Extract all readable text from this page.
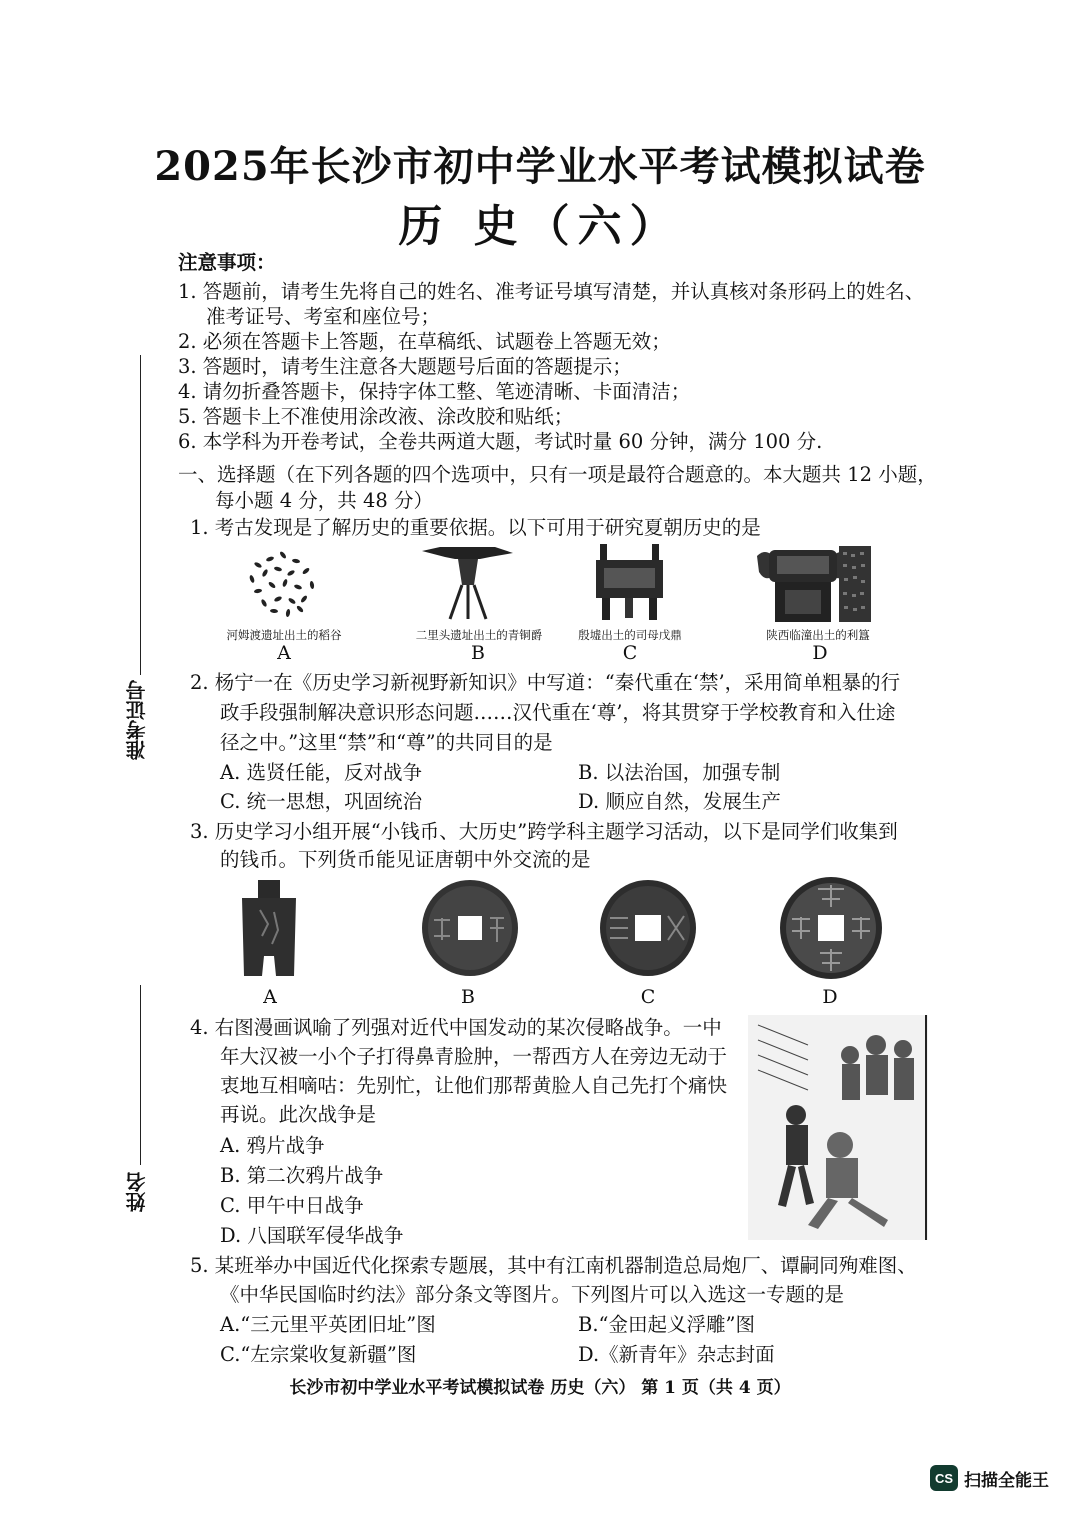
2025年长沙市初中学业水平考试模拟试卷
历 史（六）
准考证号
姓名
注意事项：
1. 答题前，请考生先将自己的姓名、准考证号填写清楚，并认真核对条形码上的姓名、
准考证号、考室和座位号；
2. 必须在答题卡上答题，在草稿纸、试题卷上答题无效；
3. 答题时，请考生注意各大题题号后面的答题提示；
4. 请勿折叠答题卡，保持字体工整、笔迹清晰、卡面清洁；
5. 答题卡上不准使用涂改液、涂改胶和贴纸；
6. 本学科为开卷考试，全卷共两道大题，考试时量 60 分钟，满分 100 分.
一、选择题（在下列各题的四个选项中，只有一项是最符合题意的。本大题共 12 小题，
每小题 4 分，共 48 分）
1. 考古发现是了解历史的重要依据。以下可用于研究夏朝历史的是
河姆渡遗址出土的稻谷	二里头遗址出土的青铜爵	殷墟出土的司母戊鼎	陕西临潼出土的利簋
A	B	C	D
2. 杨宁一在《历史学习新视野新知识》中写道：“秦代重在‘禁’，采用简单粗暴的行
政手段强制解决意识形态问题……汉代重在‘尊’，将其贯穿于学校教育和入仕途
径之中。”这里“禁”和“尊”的共同目的是
A. 选贤任能，反对战争	B. 以法治国，加强专制
C. 统一思想，巩固统治	D. 顺应自然，发展生产
3. 历史学习小组开展“小钱币、大历史”跨学科主题学习活动，以下是同学们收集到
的钱币。下列货币能见证唐朝中外交流的是
A	B	C	D
4. 右图漫画讽喻了列强对近代中国发动的某次侵略战争。一中
年大汉被一小个子打得鼻青脸肿，一帮西方人在旁边无动于
衷地互相嘀咕：先别忙，让他们那帮黄脸人自己先打个痛快
再说。此次战争是
A. 鸦片战争
B. 第二次鸦片战争
C. 甲午中日战争
D. 八国联军侵华战争
5. 某班举办中国近代化探索专题展，其中有江南机器制造总局炮厂、谭嗣同殉难图、
《中华民国临时约法》部分条文等图片。下列图片可以入选这一专题的是
A.“三元里平英团旧址”图	B.“金田起义浮雕”图
C.“左宗棠收复新疆”图	D.《新青年》杂志封面
长沙市初中学业水平考试模拟试卷 历史（六） 第 1 页（共 4 页）
CS 扫描全能王
